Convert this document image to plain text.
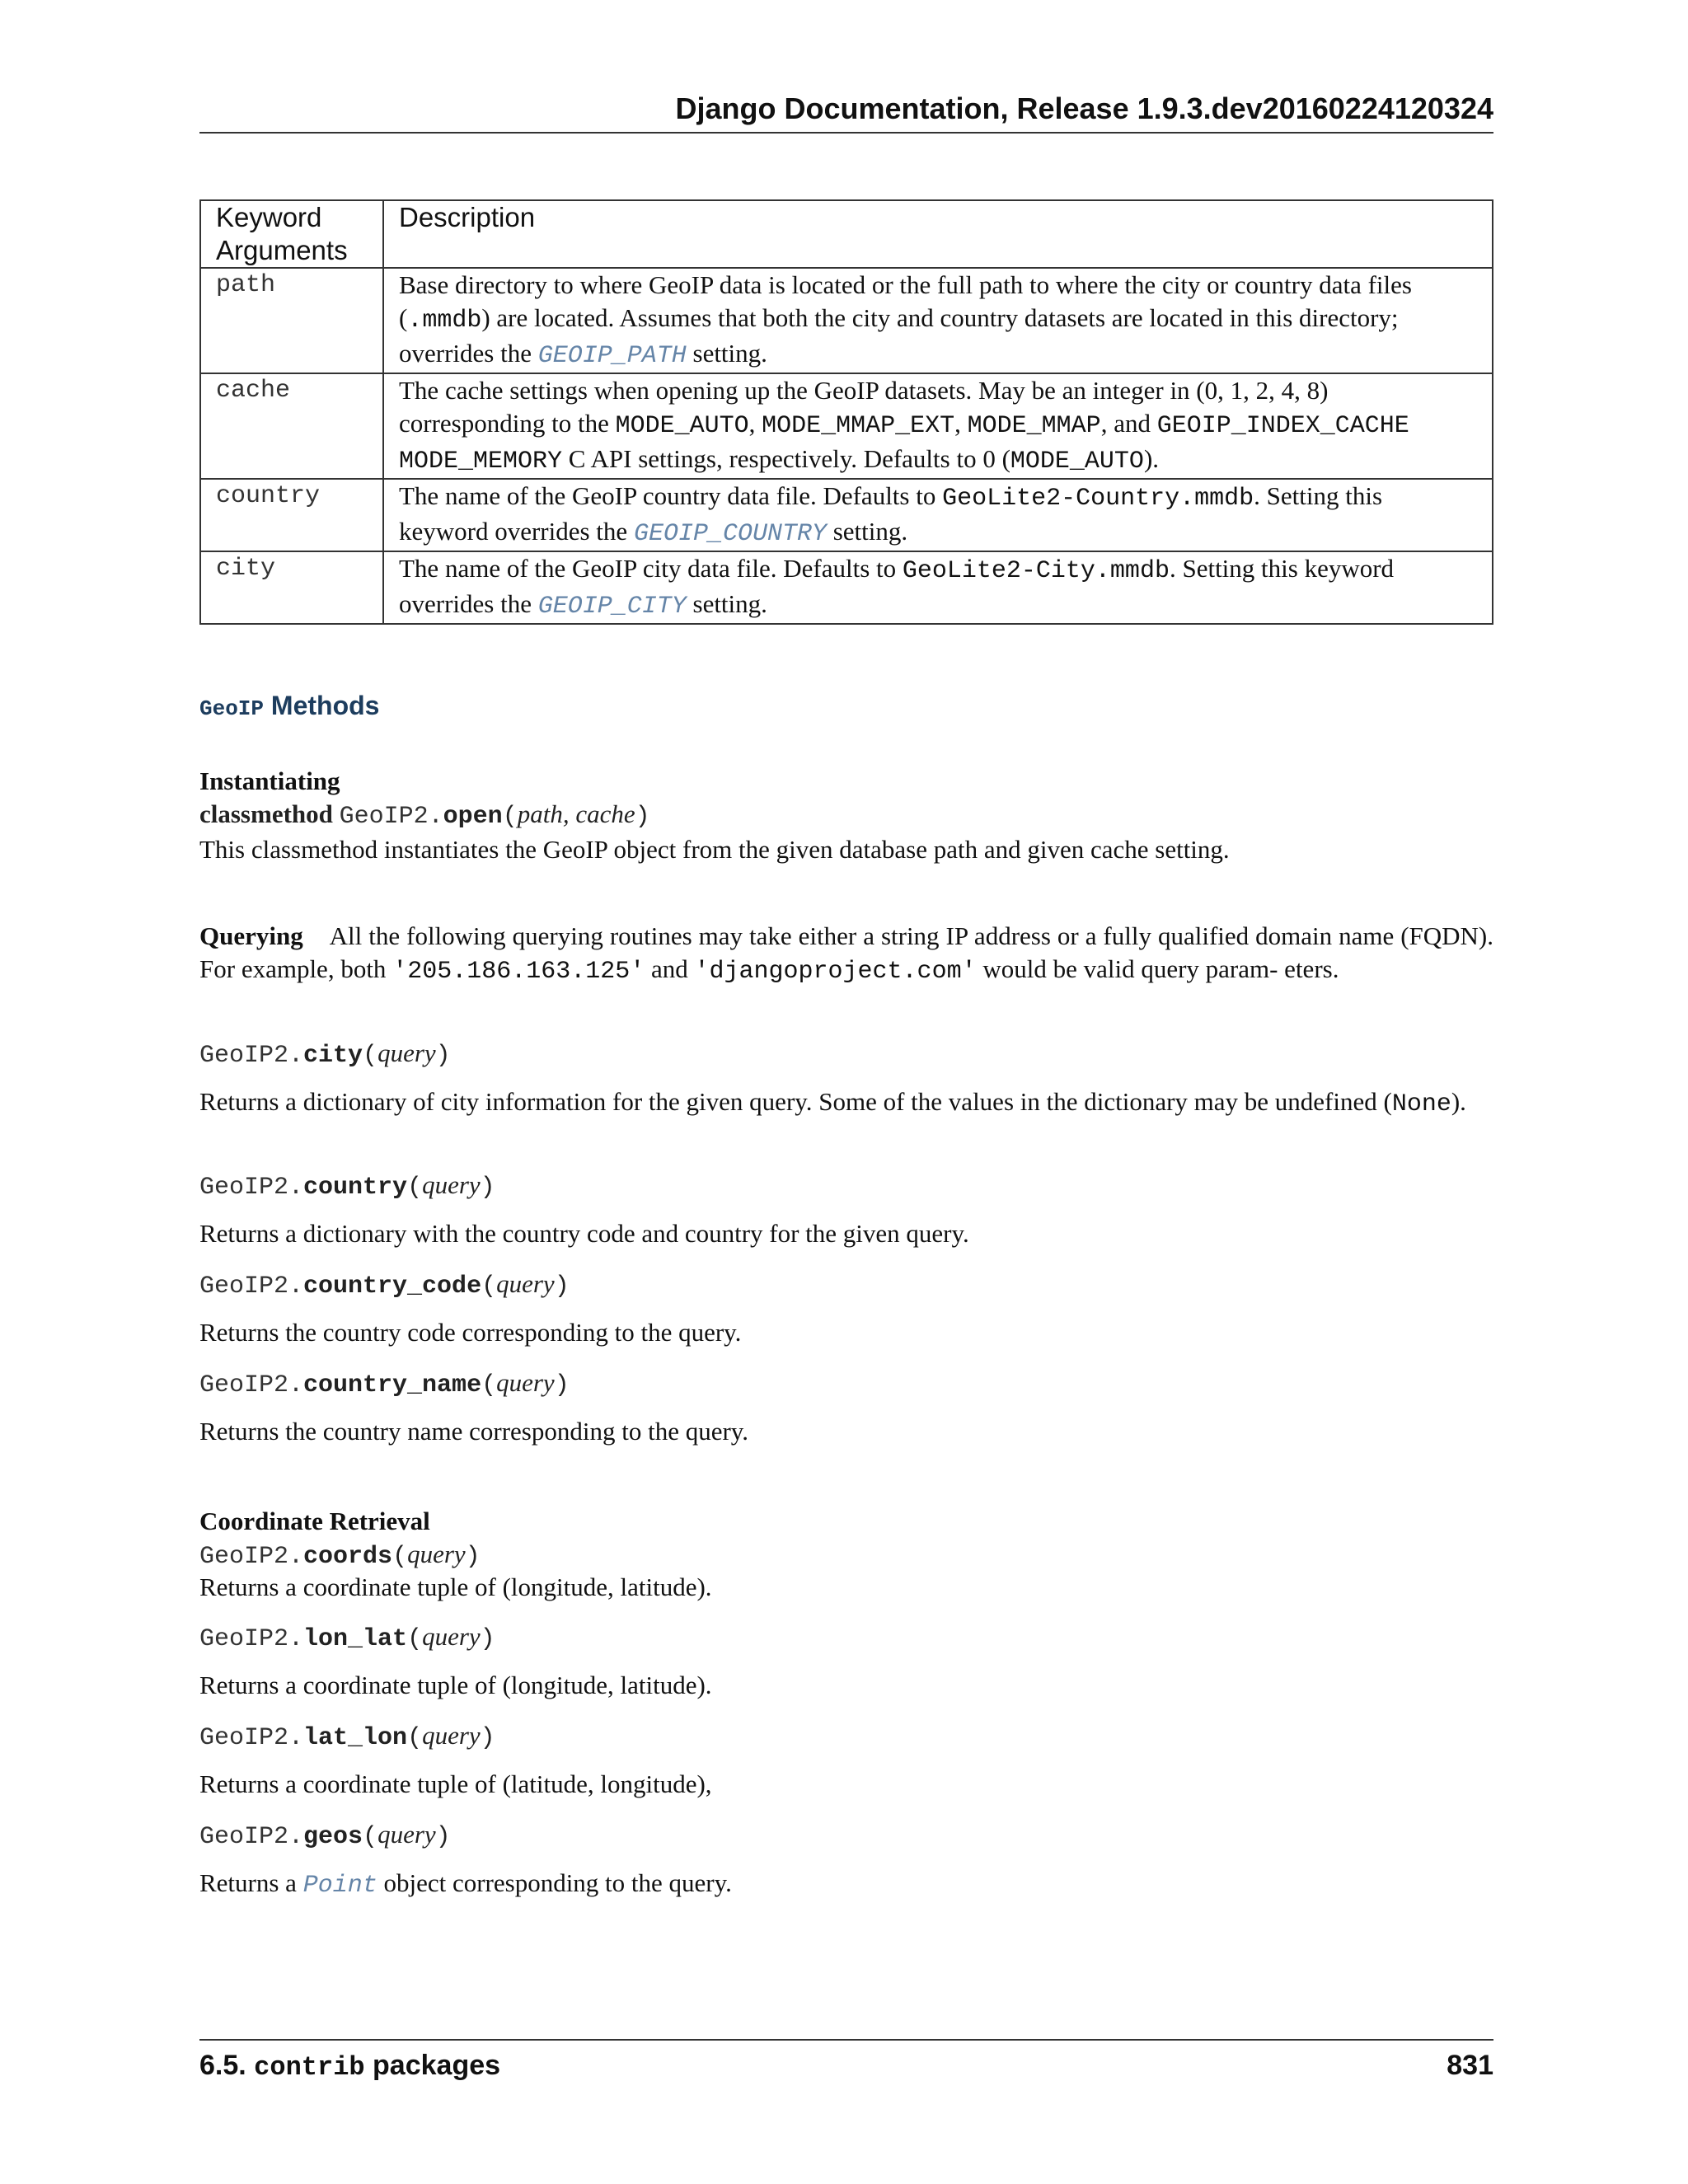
Django Documentation, Release 1.9.3.dev20160224120324
Keyword Arguments	Description
path	Base directory to where GeoIP data is located or the full path to where the city or country data files (.mmdb) are located. Assumes that both the city and country datasets are located in this directory; overrides the GEOIP_PATH setting.
cache	The cache settings when opening up the GeoIP datasets. May be an integer in (0, 1, 2, 4, 8) corresponding to the MODE_AUTO, MODE_MMAP_EXT, MODE_MMAP, and GEOIP_INDEX_CACHE MODE_MEMORY C API settings, respectively. Defaults to 0 (MODE_AUTO).
country	The name of the GeoIP country data file. Defaults to GeoLite2-Country.mmdb. Setting this keyword overrides the GEOIP_COUNTRY setting.
city	The name of the GeoIP city data file. Defaults to GeoLite2-City.mmdb. Setting this keyword overrides the GEOIP_CITY setting.
GeoIP Methods
Instantiating
classmethod GeoIP2.open(path, cache)
This classmethod instantiates the GeoIP object from the given database path and given cache setting.
Querying All the following querying routines may take either a string IP address or a fully qualified domain name (FQDN). For example, both '205.186.163.125' and 'djangoproject.com' would be valid query param- eters.
GeoIP2.city(query)
Returns a dictionary of city information for the given query. Some of the values in the dictionary may be undefined (None).
GeoIP2.country(query)
Returns a dictionary with the country code and country for the given query.
GeoIP2.country_code(query)
Returns the country code corresponding to the query.
GeoIP2.country_name(query)
Returns the country name corresponding to the query.
Coordinate Retrieval
GeoIP2.coords(query)
Returns a coordinate tuple of (longitude, latitude).
GeoIP2.lon_lat(query)
Returns a coordinate tuple of (longitude, latitude).
GeoIP2.lat_lon(query)
Returns a coordinate tuple of (latitude, longitude),
GeoIP2.geos(query)
Returns a Point object corresponding to the query.
6.5. contrib packages	831
